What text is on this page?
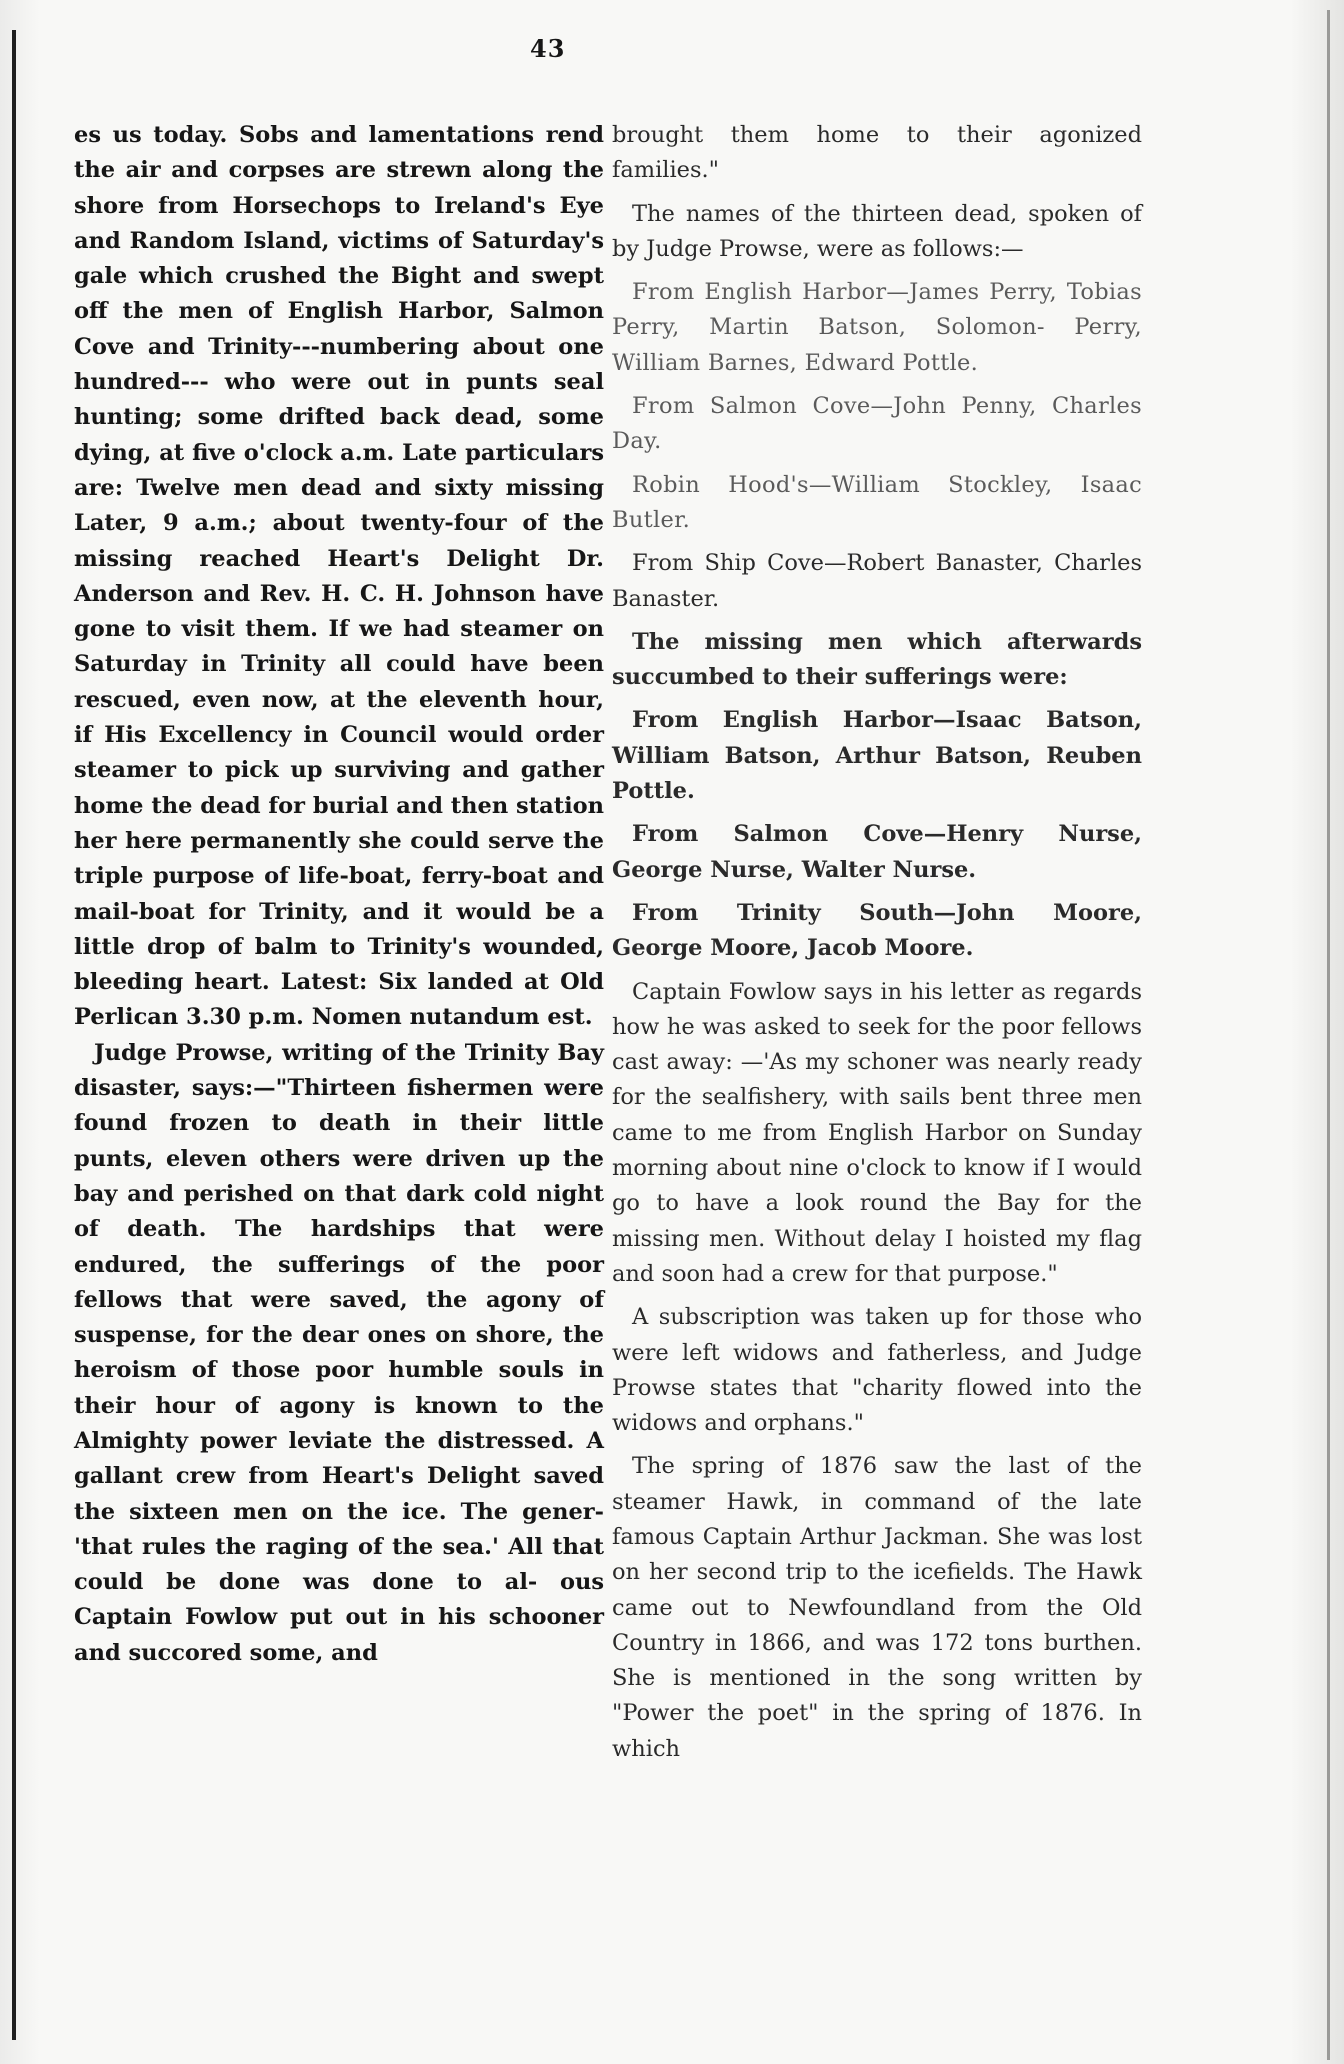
43

es us today. Sobs and lamentations rend the air and corpses are strewn along the shore from Horsechops to Ireland's Eye and Random Island, victims of Saturday's gale which crushed the Bight and swept off the men of English Harbor, Salmon Cove and Trinity---numbering about one hundred--- who were out in punts seal hunting; some drifted back dead, some dying, at five o'clock a.m. Late particulars are: Twelve men dead and sixty missing Later, 9 a.m.; about twenty-four of the missing reached Heart's Delight Dr. Anderson and Rev. H. C. H. Johnson have gone to visit them. If we had steamer on Saturday in Trinity all could have been rescued, even now, at the eleventh hour, if His Excellency in Council would order steamer to pick up surviving and gather home the dead for burial and then station her here permanently she could serve the triple purpose of life-boat, ferry-boat and mail-boat for Trinity, and it would be a little drop of balm to Trinity's wounded, bleeding heart. Latest: Six landed at Old Perlican 3.30 p.m. Nomen nutandum est.

Judge Prowse, writing of the Trinity Bay disaster, says:—"Thirteen fishermen were found frozen to death in their little punts, eleven others were driven up the bay and perished on that dark cold night of death. The hardships that were endured, the sufferings of the poor fellows that were saved, the agony of suspense, for the dear ones on shore, the heroism of those poor humble souls in their hour of agony is known to the Almighty power leviate the distressed. A gallant crew from Heart's Delight saved the sixteen men on the ice. The gener- 'that rules the raging of the sea.' All that could be done was done to al- ous Captain Fowlow put out in his schooner and succored some, and

brought them home to their agonized families."

The names of the thirteen dead, spoken of by Judge Prowse, were as follows:—

From English Harbor—James Perry, Tobias Perry, Martin Batson, Solomon- Perry, William Barnes, Edward Pottle.

From Salmon Cove—John Penny, Charles Day.

Robin Hood's—William Stockley, Isaac Butler.

From Ship Cove—Robert Banaster, Charles Banaster.

The missing men which afterwards succumbed to their sufferings were:

From English Harbor—Isaac Batson, William Batson, Arthur Batson, Reuben Pottle.

From Salmon Cove—Henry Nurse, George Nurse, Walter Nurse.

From Trinity South—John Moore, George Moore, Jacob Moore.

Captain Fowlow says in his letter as regards how he was asked to seek for the poor fellows cast away: —'As my schoner was nearly ready for the sealfishery, with sails bent three men came to me from English Harbor on Sunday morning about nine o'clock to know if I would go to have a look round the Bay for the missing men. Without delay I hoisted my flag and soon had a crew for that purpose."

A subscription was taken up for those who were left widows and fatherless, and Judge Prowse states that "charity flowed into the widows and orphans."

The spring of 1876 saw the last of the steamer Hawk, in command of the late famous Captain Arthur Jackman. She was lost on her second trip to the icefields. The Hawk came out to Newfoundland from the Old Country in 1866, and was 172 tons burthen. She is mentioned in the song written by "Power the poet" in the spring of 1876. In which
